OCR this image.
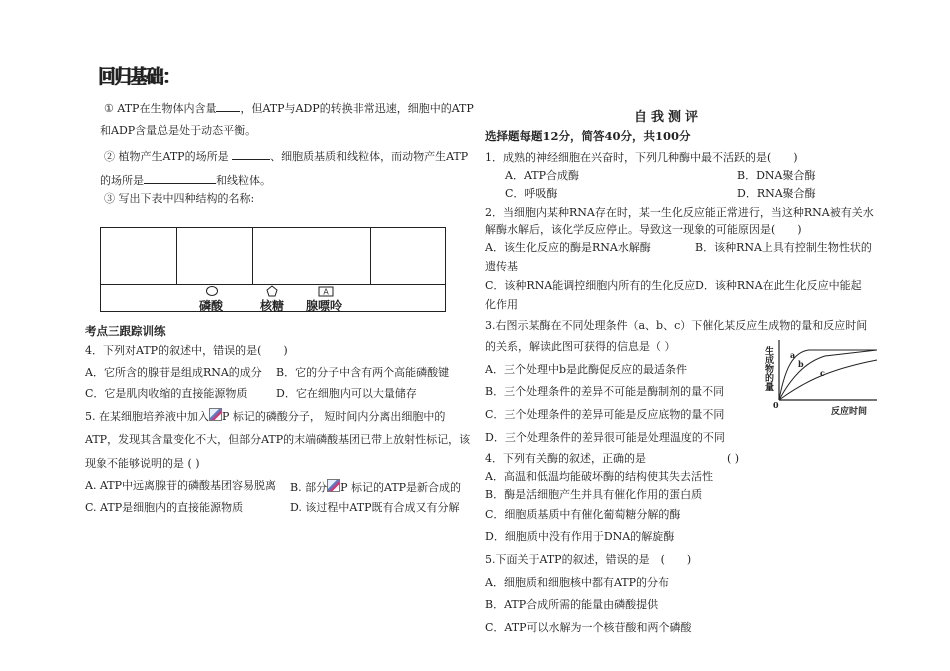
回归基础：
① ATP在生物体内含量 ，但ATP与ADP的转换非常迅速，细胞中的ATP
和ADP含量总是处于动态平衡。
② 植物产生ATP的场所是	、细胞质基质和线粒体，而动物产生ATP
的场所是	和线粒体。
③ 写出下表中四种结构的名称:
A
磷酸	核糖 腺嘌呤
考点三跟踪训练
4．下列对ATP的叙述中，错误的是(　　)
A．它所含的腺苷是组成RNA的成分 B．它的分子中含有两个高能磷酸键
C．它是肌肉收缩的直接能源物质	D．它在细胞内可以大量储存
5. 在某细胞培养液中加入 P 标记的磷酸分子， 短时间内分离出细胞中的
ATP，发现其含量变化不大，但部分ATP的末端磷酸基团已带上放射性标记，该
现象不能够说明的是 ( )
A. ATP中远离腺苷的磷酸基团容易脱离 B. 部分 P 标记的ATP是新合成的
C. ATP是细胞内的直接能源物质	D. 该过程中ATP既有合成又有分解
自我测评
选择题每题12分，简答40分，共100分
1．成熟的神经细胞在兴奋时，下列几种酶中最不活跃的是(　　)
A．ATP合成酶	B．DNA聚合酶
C．呼吸酶	D．RNA聚合酶
2．当细胞内某种RNA存在时，某一生化反应能正常进行，当这种RNA被有关水
解酶水解后，该化学反应停止。导致这一现象的可能原因是(　　)
A．该生化反应的酶是RNA水解酶	B．该种RNA上具有控制生物性状的
遗传基
C．该种RNA能调控细胞内所有的生化反应 D．该种RNA在此生化反应中能起
化作用
3.右图示某酶在不同处理条件（a、b、c）下催化某反应生成物的量和反应时间
的关系，解读此图可获得的信息是（ ）
A．三个处理中b是此酶促反应的最适条件
B．三个处理条件的差异不可能是酶制剂的量不同
C．三个处理条件的差异可能是反应底物的量不同
D．三个处理条件的差异很可能是处理温度的不同
a
b
c
0
生成物的量
反应时间
4．下列有关酶的叙述，正确的是	( )
A．高温和低温均能破坏酶的结构使其失去活性
B．酶是活细胞产生并具有催化作用的蛋白质
C．细胞质基质中有催化葡萄糖分解的酶
D．细胞质中没有作用于DNA的解旋酶
5.下面关于ATP的叙述，错误的是　(　　)
A．细胞质和细胞核中都有ATP的分布
B．ATP合成所需的能量由磷酸提供
C．ATP可以水解为一个核苷酸和两个磷酸
